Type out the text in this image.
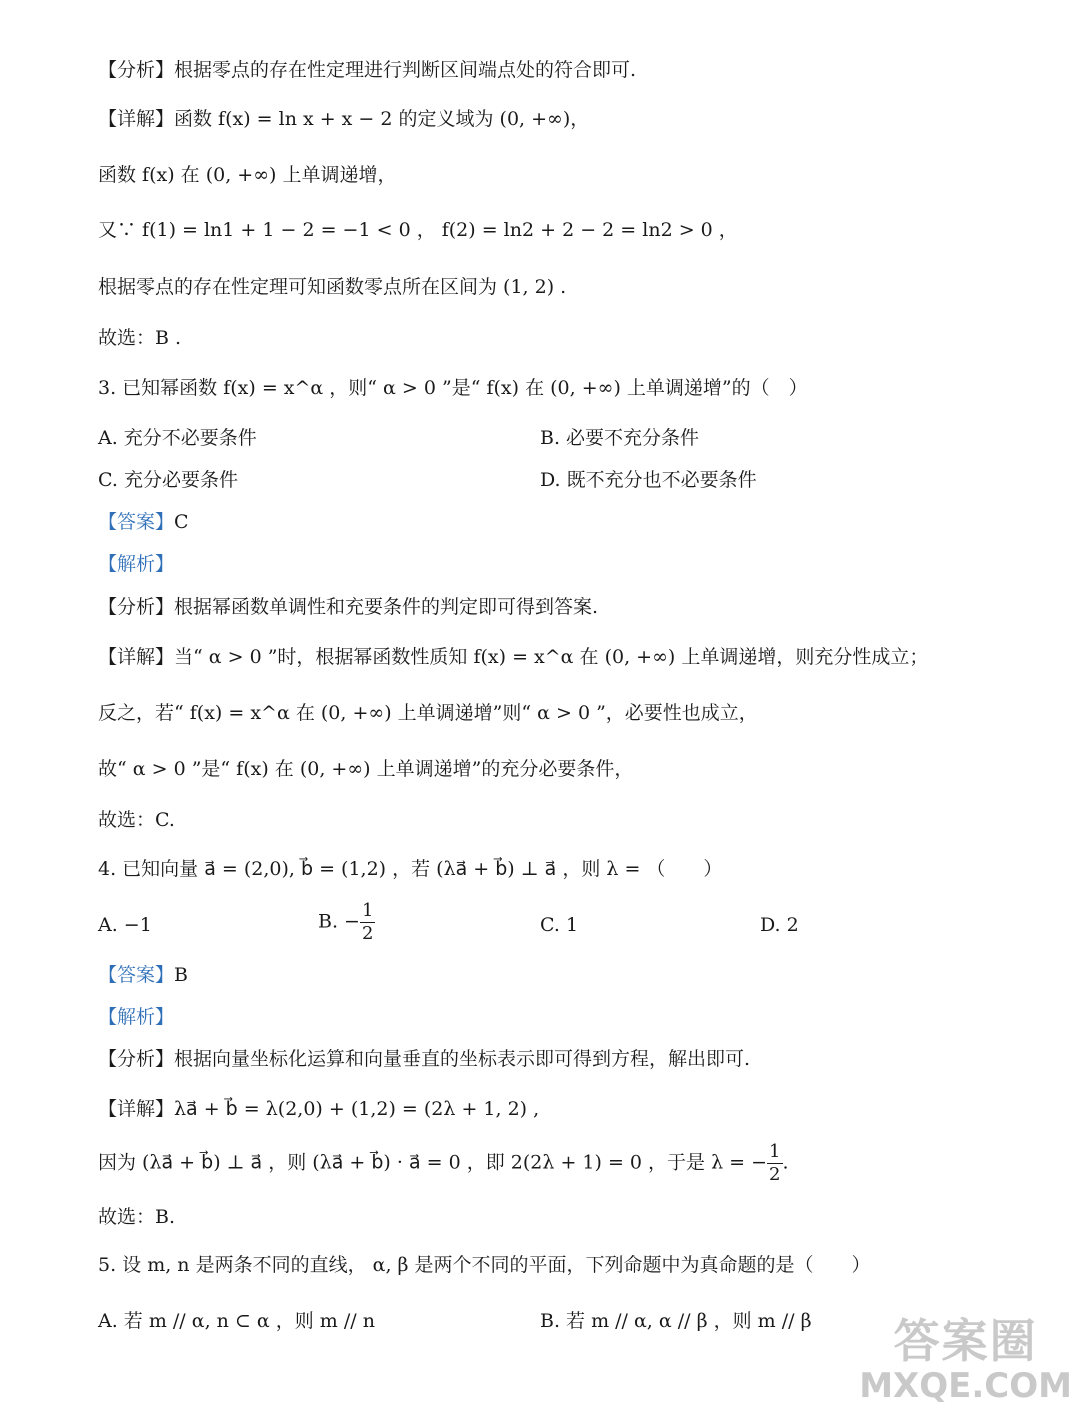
【分析】根据零点的存在性定理进行判断区间端点处的符合即可.
【详解】函数 f(x) = ln x + x − 2 的定义域为 (0, +∞)，
函数 f(x) 在 (0, +∞) 上单调递增，
又∵ f(1) = ln1 + 1 − 2 = −1 < 0 ， f(2) = ln2 + 2 − 2 = ln2 > 0 ，
根据零点的存在性定理可知函数零点所在区间为 (1, 2) .
故选：B .
3. 已知幂函数 f(x) = x^α ，则“ α > 0 ”是“ f(x) 在 (0, +∞) 上单调递增”的（　）
A. 充分不必要条件	B. 必要不充分条件
C. 充分必要条件	D. 既不充分也不必要条件
【答案】C
【解析】
【分析】根据幂函数单调性和充要条件的判定即可得到答案.
【详解】当“ α > 0 ”时，根据幂函数性质知 f(x) = x^α 在 (0, +∞) 上单调递增，则充分性成立；
反之，若“ f(x) = x^α 在 (0, +∞) 上单调递增”则“ α > 0 ”，必要性也成立，
故“ α > 0 ”是“ f(x) 在 (0, +∞) 上单调递增”的充分必要条件，
故选：C.
4. 已知向量 a⃗ = (2,0), b⃗ = (1,2) ，若 (λa⃗ + b⃗) ⊥ a⃗ ，则 λ = （　　）
A. −1	B. − $\frac{1}{2}$	C. 1	D. 2
【答案】B
【解析】
【分析】根据向量坐标化运算和向量垂直的坐标表示即可得到方程，解出即可.
【详解】λa⃗ + b⃗ = λ(2,0) + (1,2) = (2λ + 1, 2) ,
因为 (λa⃗ + b⃗) ⊥ a⃗ ，则 (λa⃗ + b⃗) · a⃗ = 0 ，即 2(2λ + 1) = 0 ，于是 λ = − $\frac{1}{2}$ .
故选：B.
5. 设 m, n 是两条不同的直线， α, β 是两个不同的平面，下列命题中为真命题的是（　　）
A. 若 m // α, n ⊂ α ，则 m // n	B. 若 m // α, α // β ，则 m // β	答案圈
MXQE.COM
